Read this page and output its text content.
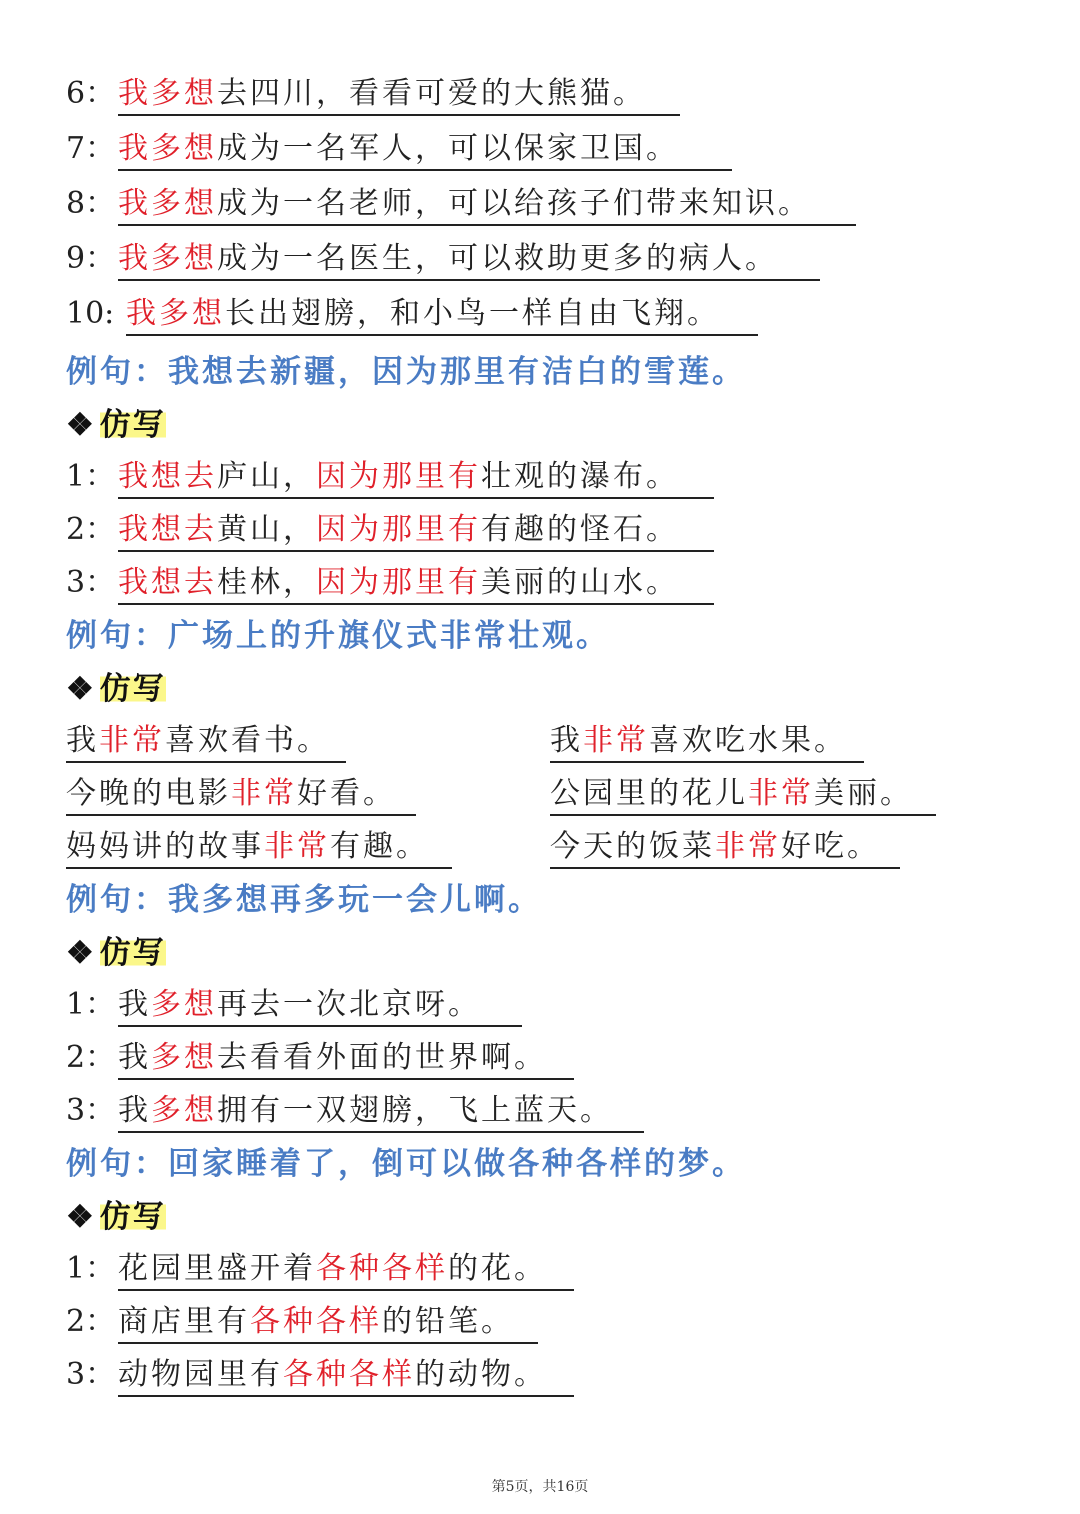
6： 我多想去四川，看看可爱的大熊猫。
7： 我多想成为一名军人，可以保家卫国。
8： 我多想成为一名老师，可以给孩子们带来知识。
9： 我多想成为一名医生，可以救助更多的病人。
10: 我多想长出翅膀，和小鸟一样自由飞翔。
例句：我想去新疆，因为那里有洁白的雪莲。
❖ 仿写
1： 我想去庐山，因为那里有壮观的瀑布。
2： 我想去黄山，因为那里有有趣的怪石。
3： 我想去桂林，因为那里有美丽的山水。
例句：广场上的升旗仪式非常壮观。
❖ 仿写
我非常喜欢看书。
今晚的电影非常好看。
妈妈讲的故事非常有趣。
我非常喜欢吃水果。
公园里的花儿非常美丽。
今天的饭菜非常好吃。
例句：我多想再多玩一会儿啊。
❖ 仿写
1： 我多想再去一次北京呀。
2： 我多想去看看外面的世界啊。
3： 我多想拥有一双翅膀，飞上蓝天。
例句：回家睡着了，倒可以做各种各样的梦。
❖ 仿写
1： 花园里盛开着各种各样的花。
2： 商店里有各种各样的铅笔。
3： 动物园里有各种各样的动物。
第5页，共16页
